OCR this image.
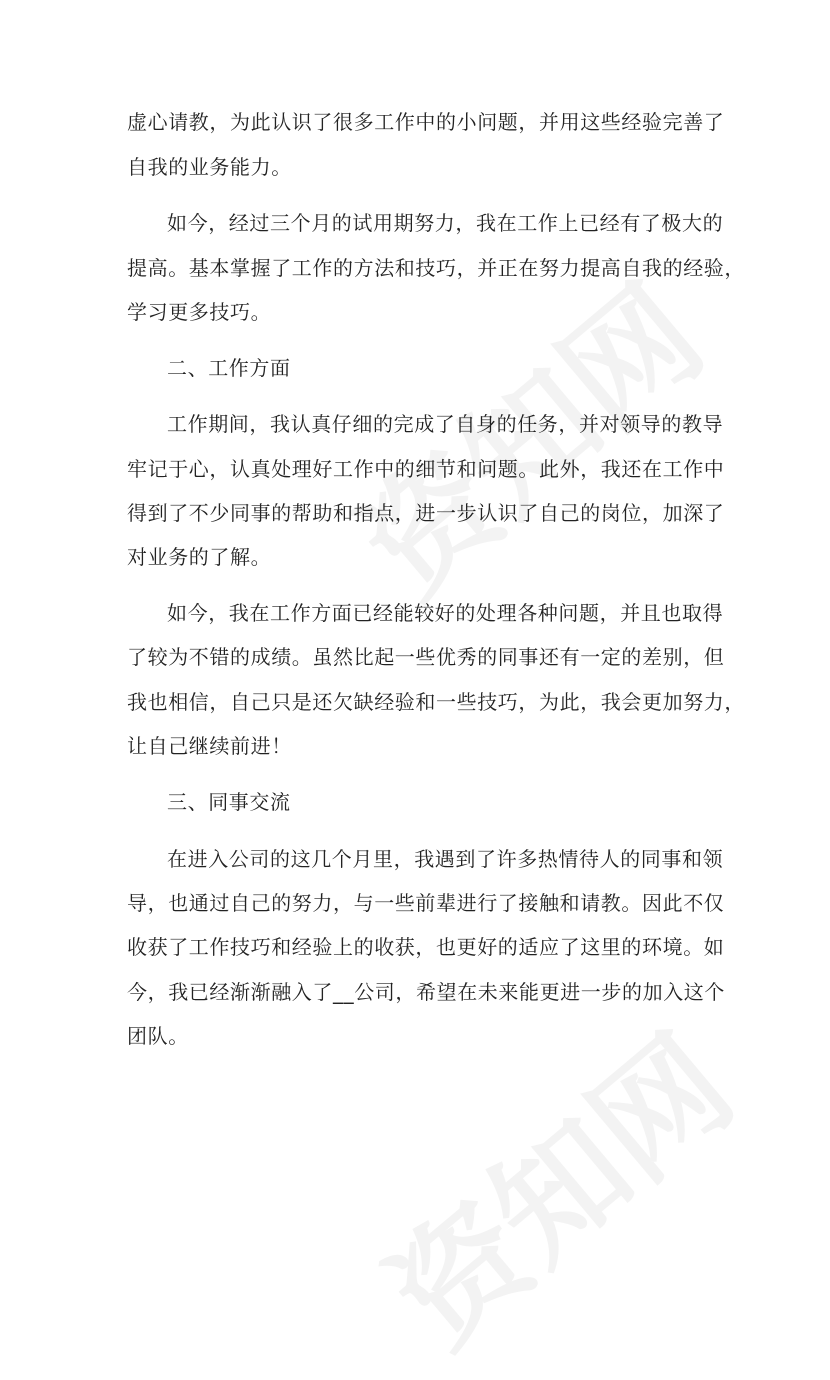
虚心请教，为此认识了很多工作中的小问题，并用这些经验完善了
自我的业务能力。
如今，经过三个月的试用期努力，我在工作上已经有了极大的
提高。基本掌握了工作的方法和技巧，并正在努力提高自我的经验，
学习更多技巧。
二、工作方面
工作期间，我认真仔细的完成了自身的任务，并对领导的教导
牢记于心，认真处理好工作中的细节和问题。此外，我还在工作中
得到了不少同事的帮助和指点，进一步认识了自己的岗位，加深了
对业务的了解。
如今，我在工作方面已经能较好的处理各种问题，并且也取得
了较为不错的成绩。虽然比起一些优秀的同事还有一定的差别，但
我也相信，自己只是还欠缺经验和一些技巧，为此，我会更加努力，
让自己继续前进！
三、同事交流
在进入公司的这几个月里，我遇到了许多热情待人的同事和领
导，也通过自己的努力，与一些前辈进行了接触和请教。因此不仅
收获了工作技巧和经验上的收获，也更好的适应了这里的环境。如
今，我已经渐渐融入了__公司，希望在未来能更进一步的加入这个
团队。
